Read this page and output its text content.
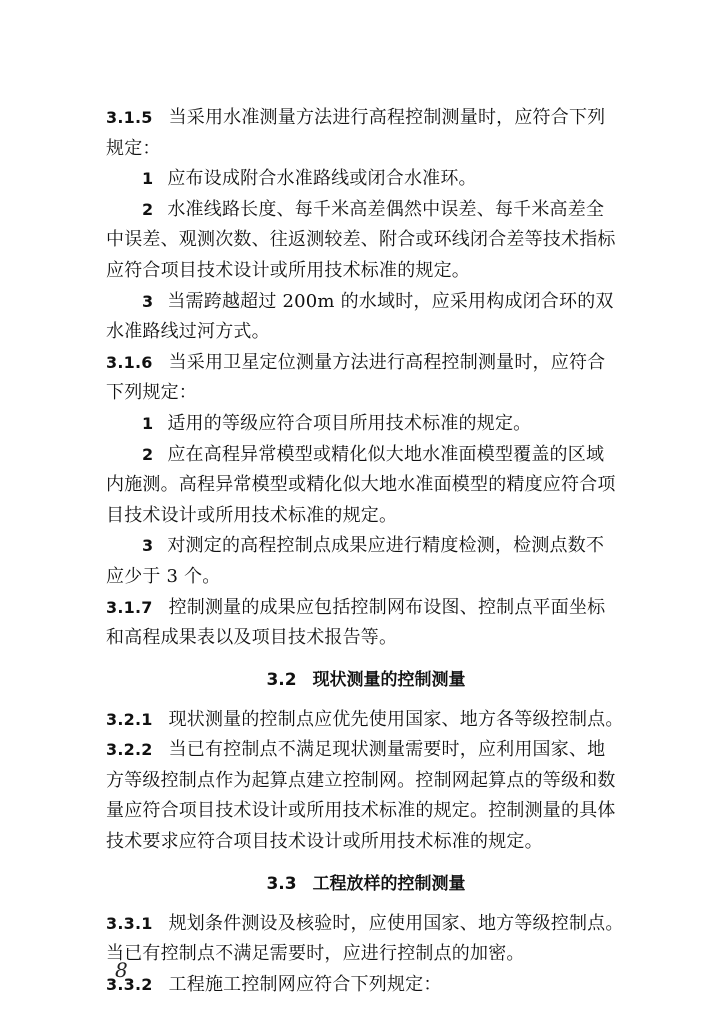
3.1.5 当采用水准测量方法进行高程控制测量时，应符合下列
规定：
1 应布设成附合水准路线或闭合水准环。
2 水准线路长度、每千米高差偶然中误差、每千米高差全
中误差、观测次数、往返测较差、附合或环线闭合差等技术指标
应符合项目技术设计或所用技术标准的规定。
3 当需跨越超过 200m 的水域时，应采用构成闭合环的双
水准路线过河方式。
3.1.6 当采用卫星定位测量方法进行高程控制测量时，应符合
下列规定：
1 适用的等级应符合项目所用技术标准的规定。
2 应在高程异常模型或精化似大地水准面模型覆盖的区域
内施测。高程异常模型或精化似大地水准面模型的精度应符合项
目技术设计或所用技术标准的规定。
3 对测定的高程控制点成果应进行精度检测，检测点数不
应少于 3 个。
3.1.7 控制测量的成果应包括控制网布设图、控制点平面坐标
和高程成果表以及项目技术报告等。
3.2 现状测量的控制测量
3.2.1 现状测量的控制点应优先使用国家、地方各等级控制点。
3.2.2 当已有控制点不满足现状测量需要时，应利用国家、地
方等级控制点作为起算点建立控制网。控制网起算点的等级和数
量应符合项目技术设计或所用技术标准的规定。控制测量的具体
技术要求应符合项目技术设计或所用技术标准的规定。
3.3 工程放样的控制测量
3.3.1 规划条件测设及核验时，应使用国家、地方等级控制点。
当已有控制点不满足需要时，应进行控制点的加密。
3.3.2 工程施工控制网应符合下列规定：
8
